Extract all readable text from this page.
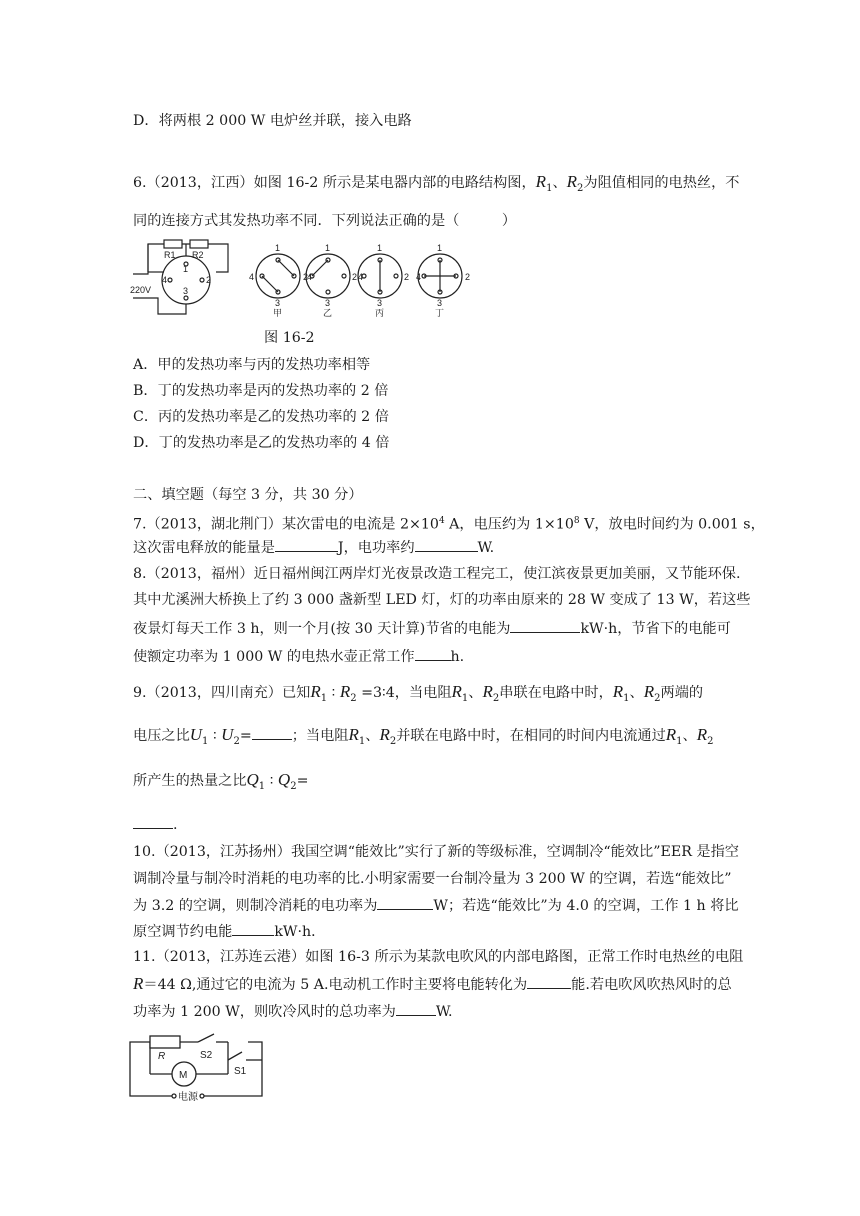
D．将两根 2 000 W 电炉丝并联，接入电路
6.（2013，江西）如图 16-2 所示是某电器内部的电路结构图，$R_1$、$R_2$为阻值相同的电热丝，不
同的连接方式其发热功率不同．下列说法正确的是（　　　）
220V
R1 R2
1
2
3
4
1
2
3
4
甲
1
2
3
4
乙
1
2
3
4
丙
1
2
3
4
丁
图 16-2
A．甲的发热功率与丙的发热功率相等
B．丁的发热功率是丙的发热功率的 2 倍
C．丙的发热功率是乙的发热功率的 2 倍
D．丁的发热功率是乙的发热功率的 4 倍
二、填空题（每空 3 分，共 30 分）
7.（2013，湖北荆门）某次雷电的电流是 $2\times 10^4$ A，电压约为 $1\times 10^8$ V，放电时间约为 0.001 s，
这次雷电释放的能量是	J，电功率约	W.
8.（2013，福州）近日福州闽江两岸灯光夜景改造工程完工，使江滨夜景更加美丽，又节能环保.
其中尤溪洲大桥换上了约 3 000 盏新型 LED 灯，灯的功率由原来的 28 W 变成了 13 W，若这些
夜景灯每天工作 3 h，则一个月(按 30 天计算)节省的电能为	kW·h，节省下的电能可
使额定功率为 1 000 W 的电热水壶正常工作	h.
9.（2013，四川南充）已知$R_1$ ∶ $R_2$ =3∶4，当电阻$R_1$、$R_2$串联在电路中时，$R_1$、$R_2$两端的
电压之比$U_1$ ∶ $U_2=$	；当电阻$R_1$、$R_2$并联在电路中时，在相同的时间内电流通过$R_1$、$R_2$
所产生的热量之比$Q_1$ ∶ $Q_2=$
.
10.（2013，江苏扬州）我国空调“能效比”实行了新的等级标准，空调制冷“能效比”EER 是指空
调制冷量与制冷时消耗的电功率的比.小明家需要一台制冷量为 3 200 W 的空调，若选“能效比”
为 3.2 的空调，则制冷消耗的电功率为	W；若选“能效比”为 4.0 的空调，工作 1 h 将比
原空调节约电能	kW·h．
11.（2013，江苏连云港）如图 16-3 所示为某款电吹风的内部电路图，正常工作时电热丝的电阻
R＝44 Ω,通过它的电流为 5 A.电动机工作时主要将电能转化为	能.若电吹风吹热风时的总
功率为 1 200 W，则吹冷风时的总功率为	W.
R	S2
S1
M
电源
